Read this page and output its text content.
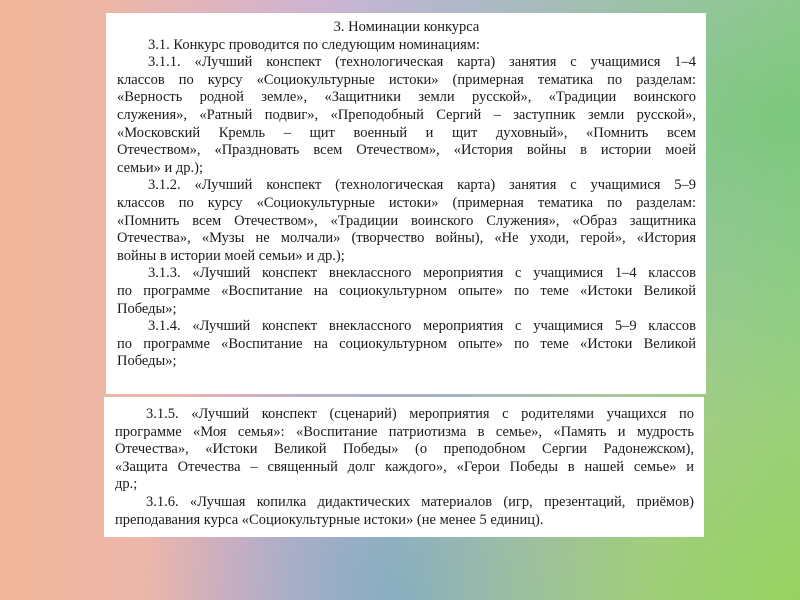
3. Номинации конкурса
3.1. Конкурс проводится по следующим номинациям:
3.1.1. «Лучший конспект (технологическая карта) занятия с учащимися 1–4
классов по курсу «Социокультурные истоки» (примерная тематика по разделам:
«Верность родной земле», «Защитники земли русской», «Традиции воинского
служения», «Ратный подвиг», «Преподобный Сергий – заступник земли русской»,
«Московский Кремль – щит военный и щит духовный», «Помнить всем
Отечеством», «Праздновать всем Отечеством», «История войны в истории моей
семьи» и др.);
3.1.2. «Лучший конспект (технологическая карта) занятия с учащимися 5–9
классов по курсу «Социокультурные истоки» (примерная тематика по разделам:
«Помнить всем Отечеством», «Традиции воинского Служения», «Образ защитника
Отечества», «Музы не молчали» (творчество войны), «Не уходи, герой», «История
войны в истории моей семьи» и др.);
3.1.3. «Лучший конспект внеклассного мероприятия с учащимися 1–4 классов
по программе «Воспитание на социокультурном опыте» по теме «Истоки Великой
Победы»;
3.1.4. «Лучший конспект внеклассного мероприятия с учащимися 5–9 классов
по программе «Воспитание на социокультурном опыте» по теме «Истоки Великой
Победы»;
3.1.5. «Лучший конспект (сценарий) мероприятия с родителями учащихся по
программе «Моя семья»: «Воспитание патриотизма в семье», «Память и мудрость
Отечества», «Истоки Великой Победы» (о преподобном Сергии Радонежском),
«Защита Отечества – священный долг каждого», «Герои Победы в нашей семье» и
др.;
3.1.6. «Лучшая копилка дидактических материалов (игр, презентаций, приёмов)
преподавания курса «Социокультурные истоки» (не менее 5 единиц).
